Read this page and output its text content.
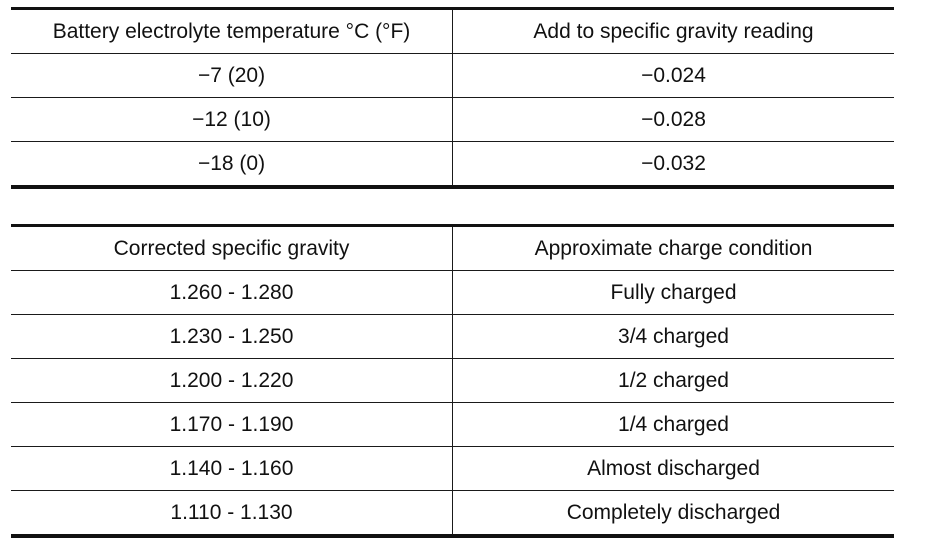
Battery electrolyte temperature °C (°F)	Add to specific gravity reading
−7 (20)	−0.024
−12 (10)	−0.028
−18 (0)	−0.032
Corrected specific gravity	Approximate charge condition
1.260 - 1.280	Fully charged
1.230 - 1.250	3/4 charged
1.200 - 1.220	1/2 charged
1.170 - 1.190	1/4 charged
1.140 - 1.160	Almost discharged
1.110 - 1.130	Completely discharged
